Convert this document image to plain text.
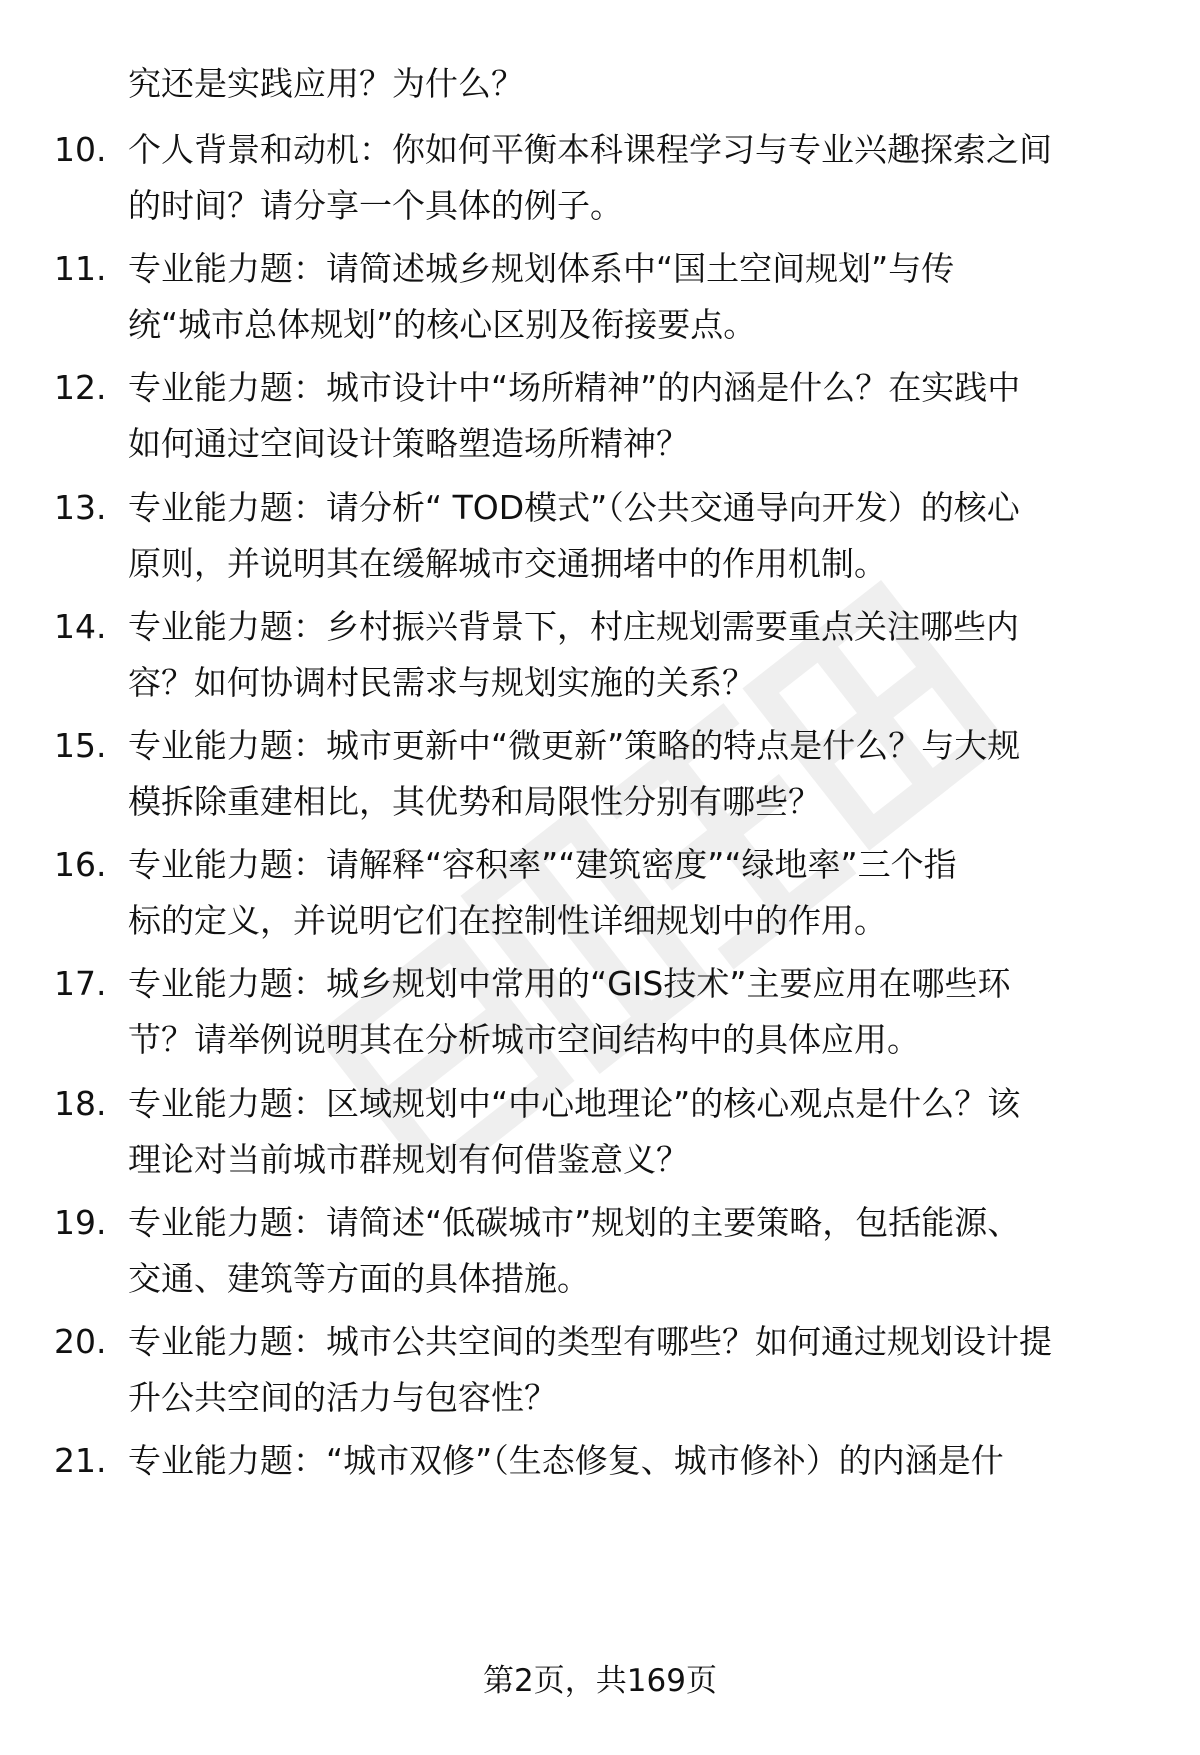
究还是实践应用？为什么？
10. 个人背景和动机：你如何平衡本科课程学习与专业兴趣探索之间
的时间？请分享一个具体的例子。
11. 专业能力题：请简述城乡规划体系中“国土空间规划”与传
统“城市总体规划”的核心区别及衔接要点。
12. 专业能力题：城市设计中“场所精神”的内涵是什么？在实践中
如何通过空间设计策略塑造场所精神？
13. 专业能力题：请分析“ TOD模式”（公共交通导向开发）的核心
原则，并说明其在缓解城市交通拥堵中的作用机制。
14. 专业能力题：乡村振兴背景下，村庄规划需要重点关注哪些内
容？如何协调村民需求与规划实施的关系？
15. 专业能力题：城市更新中“微更新”策略的特点是什么？与大规
模拆除重建相比，其优势和局限性分别有哪些？
16. 专业能力题：请解释“容积率”“建筑密度”“绿地率”三个指
标的定义，并说明它们在控制性详细规划中的作用。
17. 专业能力题：城乡规划中常用的“GIS技术”主要应用在哪些环
节？请举例说明其在分析城市空间结构中的具体应用。
18. 专业能力题：区域规划中“中心地理论”的核心观点是什么？该
理论对当前城市群规划有何借鉴意义？
19. 专业能力题：请简述“低碳城市”规划的主要策略，包括能源、
交通、建筑等方面的具体措施。
20. 专业能力题：城市公共空间的类型有哪些？如何通过规划设计提
升公共空间的活力与包容性？
21. 专业能力题：“城市双修”（生态修复、城市修补）的内涵是什
第2页，共169页
